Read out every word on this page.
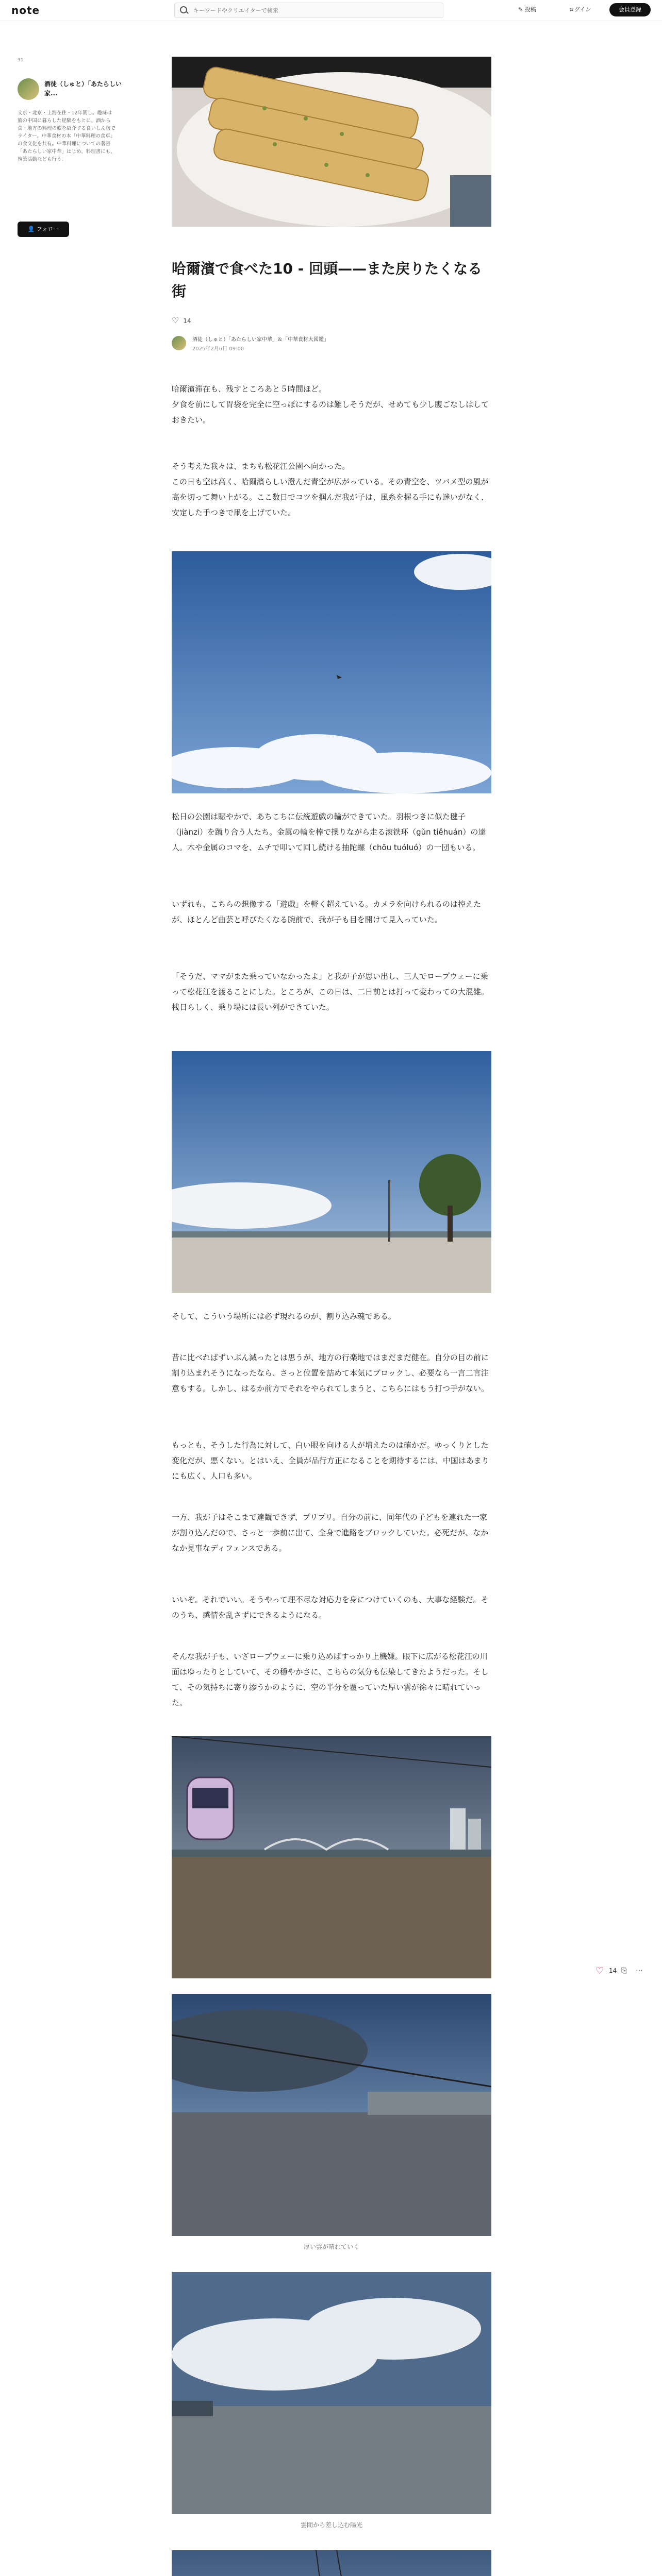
note
キーワードやクリエイターで検索	✎ 投稿	ログイン	会員登録
31
酒徒（しゅと）「あたらしい家...
文京・北京・上海在住・12年間し。趣味は旅の中国に暮らした経験をもとに、酒から食・地方の料理の旅を紹介する食いしん坊でライター。中華食材の本「中華料理の食卓」の食文化を共有。中華料理についての著書「あたらしい家中華」はじめ、料理書にも、執筆活動なども行う。
👤 フォロー
哈爾濱で食べた10 - 回頭——また戻りたくなる街
♡ 14
酒徒（しゅと）「あたらしい家中華」＆「中華食材大図鑑」
2025年2月6日 09:00
哈爾濱滞在も、残すところあと５時間ほど。
夕食を前にして胃袋を完全に空っぽにするのは難しそうだが、せめても少し腹ごなしはしておきたい。
そう考えた我々は、まちも松花江公園へ向かった。
この日も空は高く、哈爾濱らしい澄んだ青空が広がっている。その青空を、ツバメ型の風が高を切って舞い上がる。ここ数日でコツを掴んだ我が子は、風糸を握る手にも迷いがなく、安定した手つきで凧を上げていた。
松日の公園は賑やかで、あちこちに伝統遊戯の輪ができていた。羽根つきに似た毽子（jiànzi）を蹴り合う人たち。金属の輪を棒で操りながら走る滚铁环（gǔn tiěhuán）の達人。木や金属のコマを、ムチで叩いて回し続ける抽陀螺（chōu tuóluó）の一団もいる。
いずれも、こちらの想像する「遊戯」を軽く超えている。カメラを向けられるのは控えたが、ほとんど曲芸と呼びたくなる腕前で、我が子も目を開けて見入っていた。
「そうだ、ママがまた乗っていなかったよ」と我が子が思い出し、三人でロープウェーに乗って松花江を渡ることにした。ところが、この日は、二日前とは打って変わっての大混雑。桟日らしく、乗り場には長い列ができていた。
そして、こういう場所には必ず現れるのが、割り込み魂である。
昔に比べればずいぶん減ったとは思うが、地方の行楽地ではまだまだ健在。自分の目の前に割り込まれそうになったなら、さっと位置を詰めて本気にブロックし、必要なら一言二言注意もする。しかし、はるか前方でそれをやられてしまうと、こちらにはもう打つ手がない。
もっとも、そうした行為に対して、白い眼を向ける人が増えたのは確かだ。ゆっくりとした変化だが、悪くない。とはいえ、全員が品行方正になることを期待するには、中国はあまりにも広く、人口も多い。
一方、我が子はそこまで達観できず、プリプリ。自分の前に、同年代の子どもを連れた一家が割り込んだので、さっと一歩前に出て、全身で進路をブロックしていた。必死だが、なかなか見事なディフェンスである。
いいぞ。それでいい。そうやって理不尽な対応力を身につけていくのも、大事な経験だ。そのうち、感情を乱さずにできるようになる。
そんな我が子も、いざロープウェーに乗り込めばすっかり上機嫌。眼下に広がる松花江の川面はゆったりとしていて、その穏やかさに、こちらの気分も伝染してきたようだった。そして、その気持ちに寄り添うかのように、空の半分を覆っていた厚い雲が徐々に晴れていった。
厚い雲が晴れていく
雲間から差し込む陽光
♡ 14 ⎘ ⋯
